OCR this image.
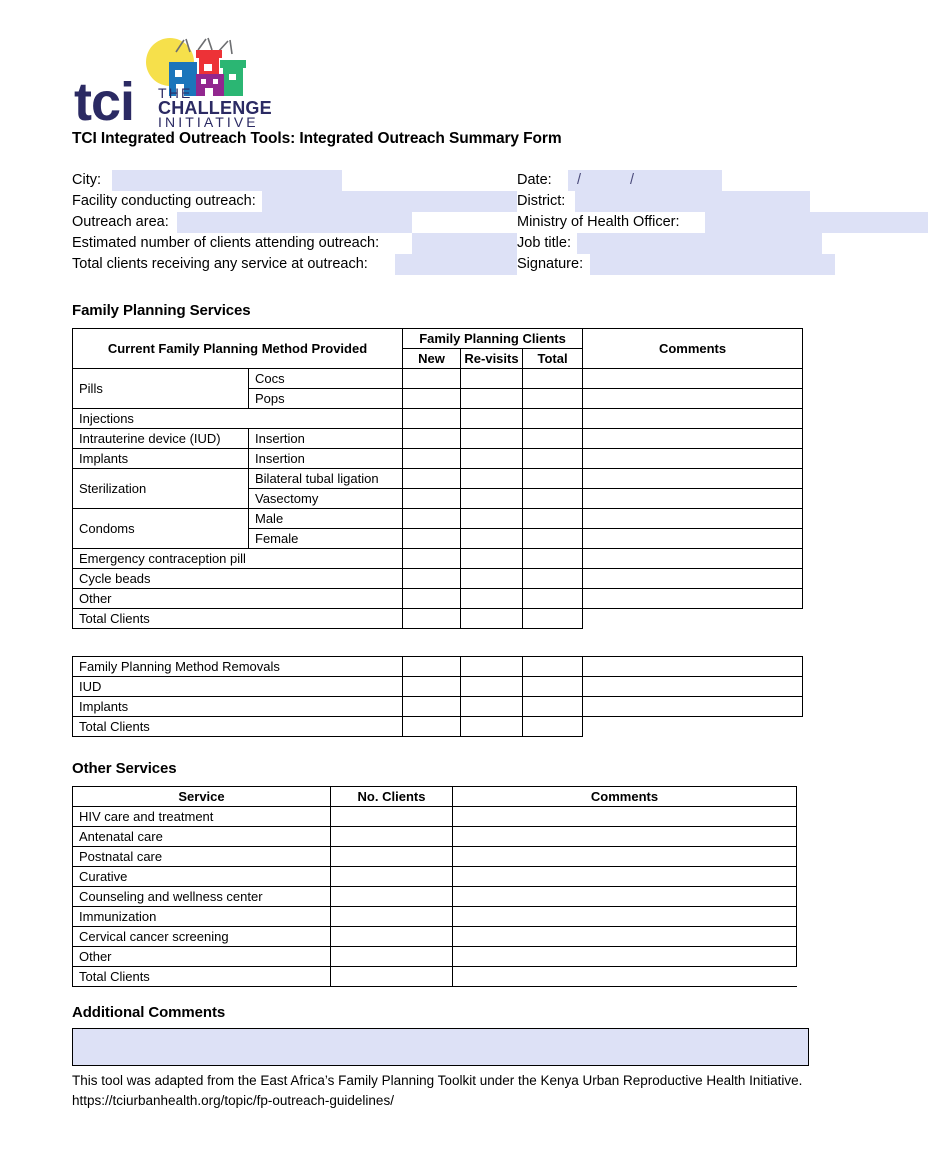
tci THE
CHALLENGE
INITIATIVE
TCI Integrated Outreach Tools: Integrated Outreach Summary Form
City:	Date: /	/
Facility conducting outreach:	District:
Outreach area:	Ministry of Health Officer:
Estimated number of clients attending outreach:	Job title:
Total clients receiving any service at outreach:	Signature:
Family Planning Services
Current Family Planning Method Provided		Family Planning Clients			Comments
		New	Re-visits	Total	
Pills	Cocs				
	Pops				
Injections					
Intrauterine device (IUD)	Insertion				
Implants	Insertion				
Sterilization	Bilateral tubal ligation				
	Vasectomy				
Condoms	Male				
	Female				
Emergency contraception pill					
Cycle beads					
Other					
Total Clients					
Family Planning Method Removals				
IUD				
Implants				
Total Clients				
Other Services
Service	No. Clients	Comments
HIV care and treatment		
Antenatal care		
Postnatal care		
Curative		
Counseling and wellness center		
Immunization		
Cervical cancer screening		
Other		
Total Clients		
Additional Comments
This tool was adapted from the East Africa’s Family Planning Toolkit under the Kenya Urban Reproductive Health Initiative.
https://tciurbanhealth.org/topic/fp-outreach-guidelines/
